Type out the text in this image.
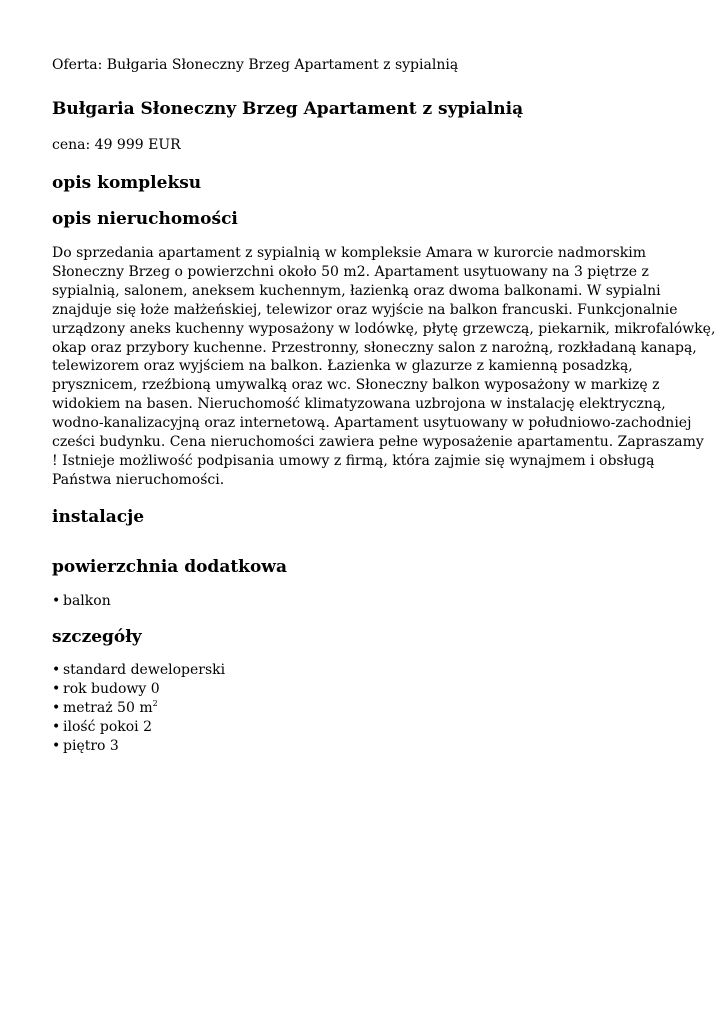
Oferta: Bułgaria Słoneczny Brzeg Apartament z sypialnią
Bułgaria Słoneczny Brzeg Apartament z sypialnią
cena: 49 999 EUR
opis kompleksu
opis nieruchomości

Do sprzedania apartament z sypialnią w kompleksie Amara w kurorcie nadmorskim
Słoneczny Brzeg o powierzchni około 50 m2. Apartament usytuowany na 3 piętrze z
sypialnią, salonem, aneksem kuchennym, łazienką oraz dwoma balkonami. W sypialni
znajduje się łoże małżeńskiej, telewizor oraz wyjście na balkon francuski. Funkcjonalnie
urządzony aneks kuchenny wyposażony w lodówkę, płytę grzewczą, piekarnik, mikrofalówkę,
okap oraz przybory kuchenne. Przestronny, słoneczny salon z narożną, rozkładaną kanapą,
telewizorem oraz wyjściem na balkon. Łazienka w glazurze z kamienną posadzką,
prysznicem, rzeźbioną umywalką oraz wc. Słoneczny balkon wyposażony w markizę z
widokiem na basen. Nieruchomość klimatyzowana uzbrojona w instalację elektryczną,
wodno-kanalizacyjną oraz internetową. Apartament usytuowany w południowo-zachodniej
cześci budynku. Cena nieruchomości zawiera pełne wyposażenie apartamentu. Zapraszamy
! Istnieje możliwość podpisania umowy z firmą, która zajmie się wynajmem i obsługą
Państwa nieruchomości.

instalacje
powierzchnia dodatkowa
• balkon
szczegóły
• standard deweloperski
• rok budowy 0
• metraż 50 $m^2$
• ilość pokoi 2
• piętro 3
